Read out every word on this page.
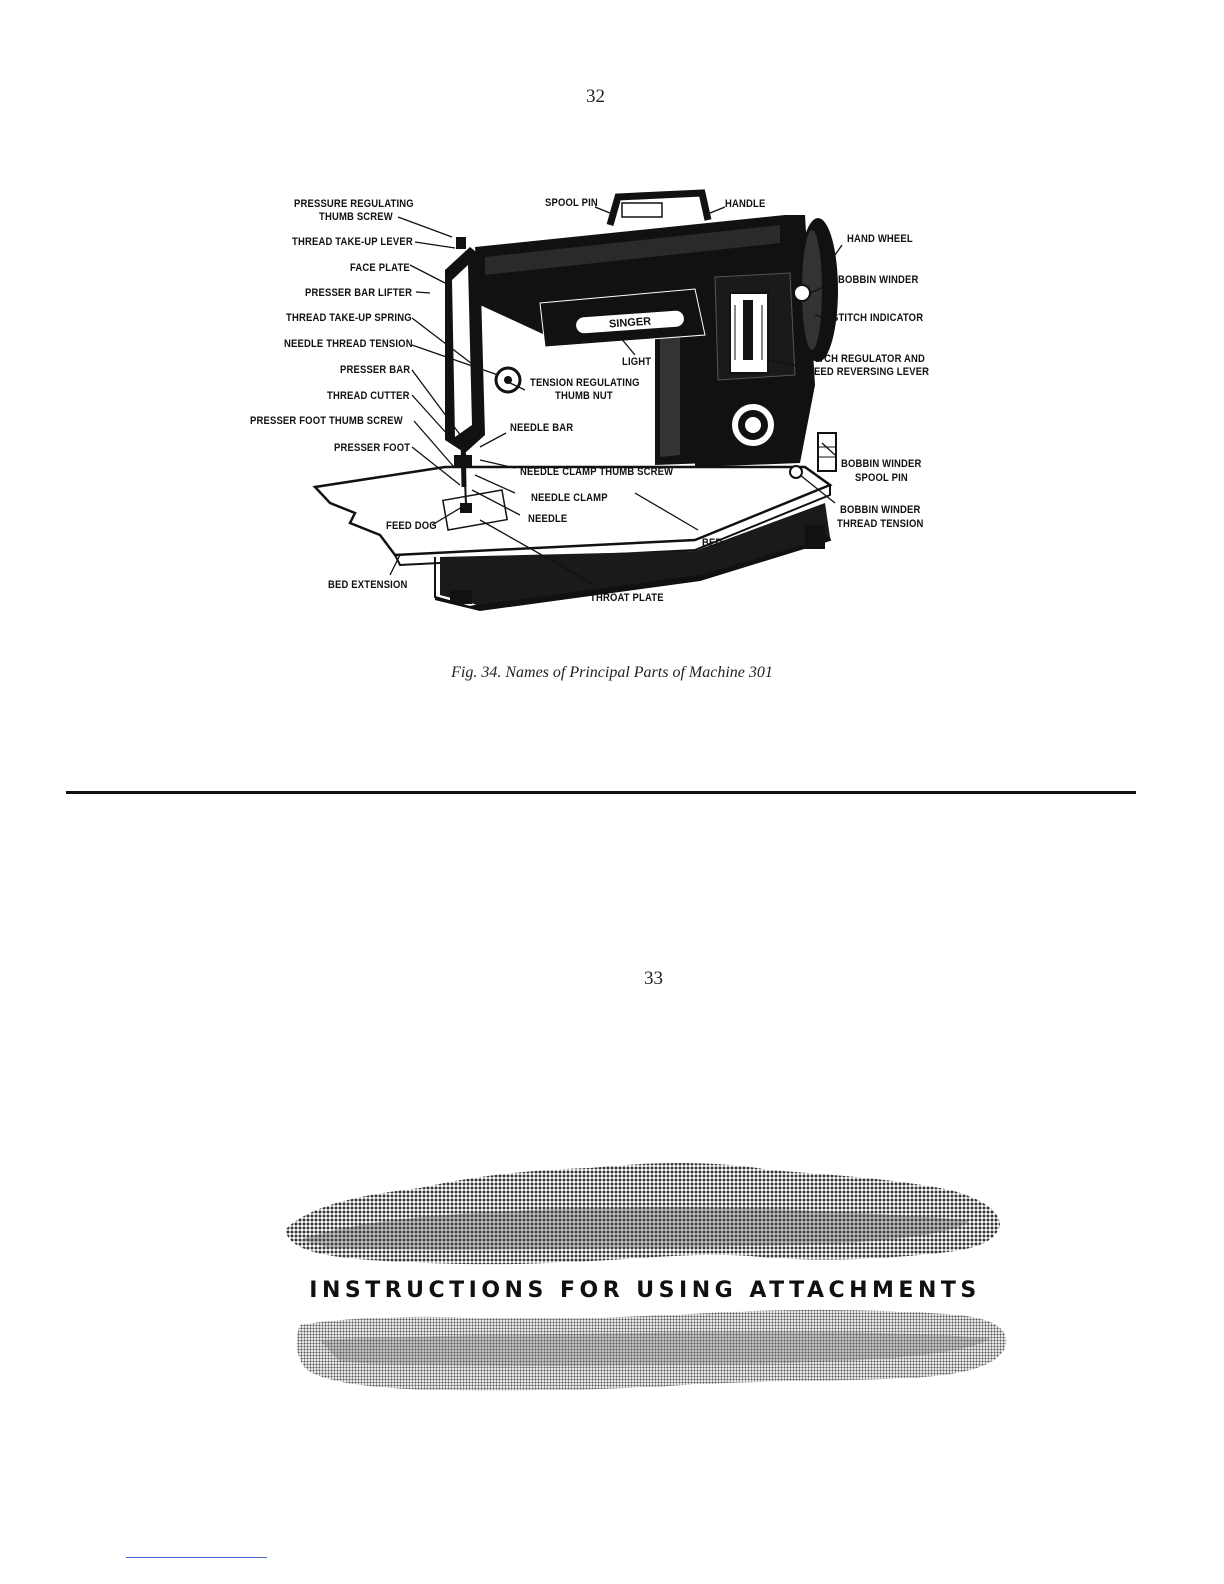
32
SINGER
PRESSURE REGULATING
THUMB SCREW
THREAD TAKE-UP LEVER
FACE PLATE
PRESSER BAR LIFTER
THREAD TAKE-UP SPRING
NEEDLE THREAD TENSION
PRESSER BAR
THREAD CUTTER
PRESSER FOOT THUMB SCREW
PRESSER FOOT
FEED DOG
BED EXTENSION
SPOOL PIN	HANDLE
HAND WHEEL
BOBBIN WINDER
STITCH INDICATOR
STITCH REGULATOR AND
FEED REVERSING LEVER
LIGHT
TENSION REGULATING
THUMB NUT
NEEDLE BAR
NEEDLE CLAMP THUMB SCREW
NEEDLE CLAMP
NEEDLE
BED
THROAT PLATE
BOBBIN WINDER
SPOOL PIN
BOBBIN WINDER
THREAD TENSION
Fig. 34. Names of Principal Parts of Machine 301
33
INSTRUCTIONS FOR USING ATTACHMENTS
